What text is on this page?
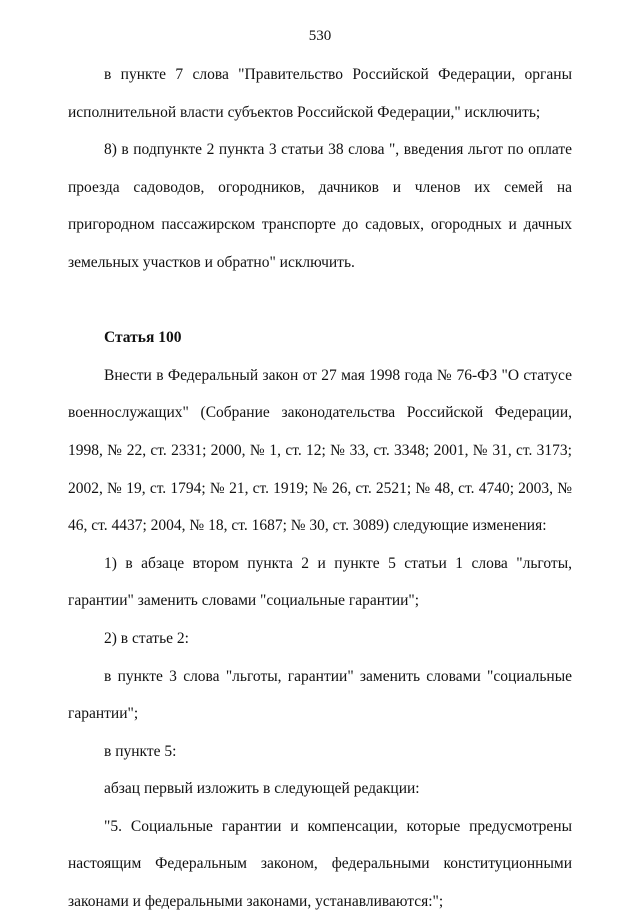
530

в пункте 7 слова "Правительство Российской Федерации, органы исполнительной власти субъектов Российской Федерации," исключить;

8) в подпункте 2 пункта 3 статьи 38 слова ", введения льгот по оплате проезда садоводов, огородников, дачников и членов их семей на пригородном пассажирском транспорте до садовых, огородных и дачных земельных участков и обратно" исключить.

Статья 100

Внести в Федеральный закон от 27 мая 1998 года № 76-ФЗ "О статусе военнослужащих" (Собрание законодательства Российской Федерации, 1998, № 22, ст. 2331; 2000, № 1, ст. 12; № 33, ст. 3348; 2001, № 31, ст. 3173; 2002, № 19, ст. 1794; № 21, ст. 1919; № 26, ст. 2521; № 48, ст. 4740; 2003, № 46, ст. 4437; 2004, № 18, ст. 1687; № 30, ст. 3089) следующие изменения:

1) в абзаце втором пункта 2 и пункте 5 статьи 1 слова "льготы, гарантии" заменить словами "социальные гарантии";

2) в статье 2:

в пункте 3 слова "льготы, гарантии" заменить словами "социальные гарантии";

в пункте 5:

абзац первый изложить в следующей редакции:

"5. Социальные гарантии и компенсации, которые предусмотрены настоящим Федеральным законом, федеральными конституционными законами и федеральными законами, устанавливаются:";
